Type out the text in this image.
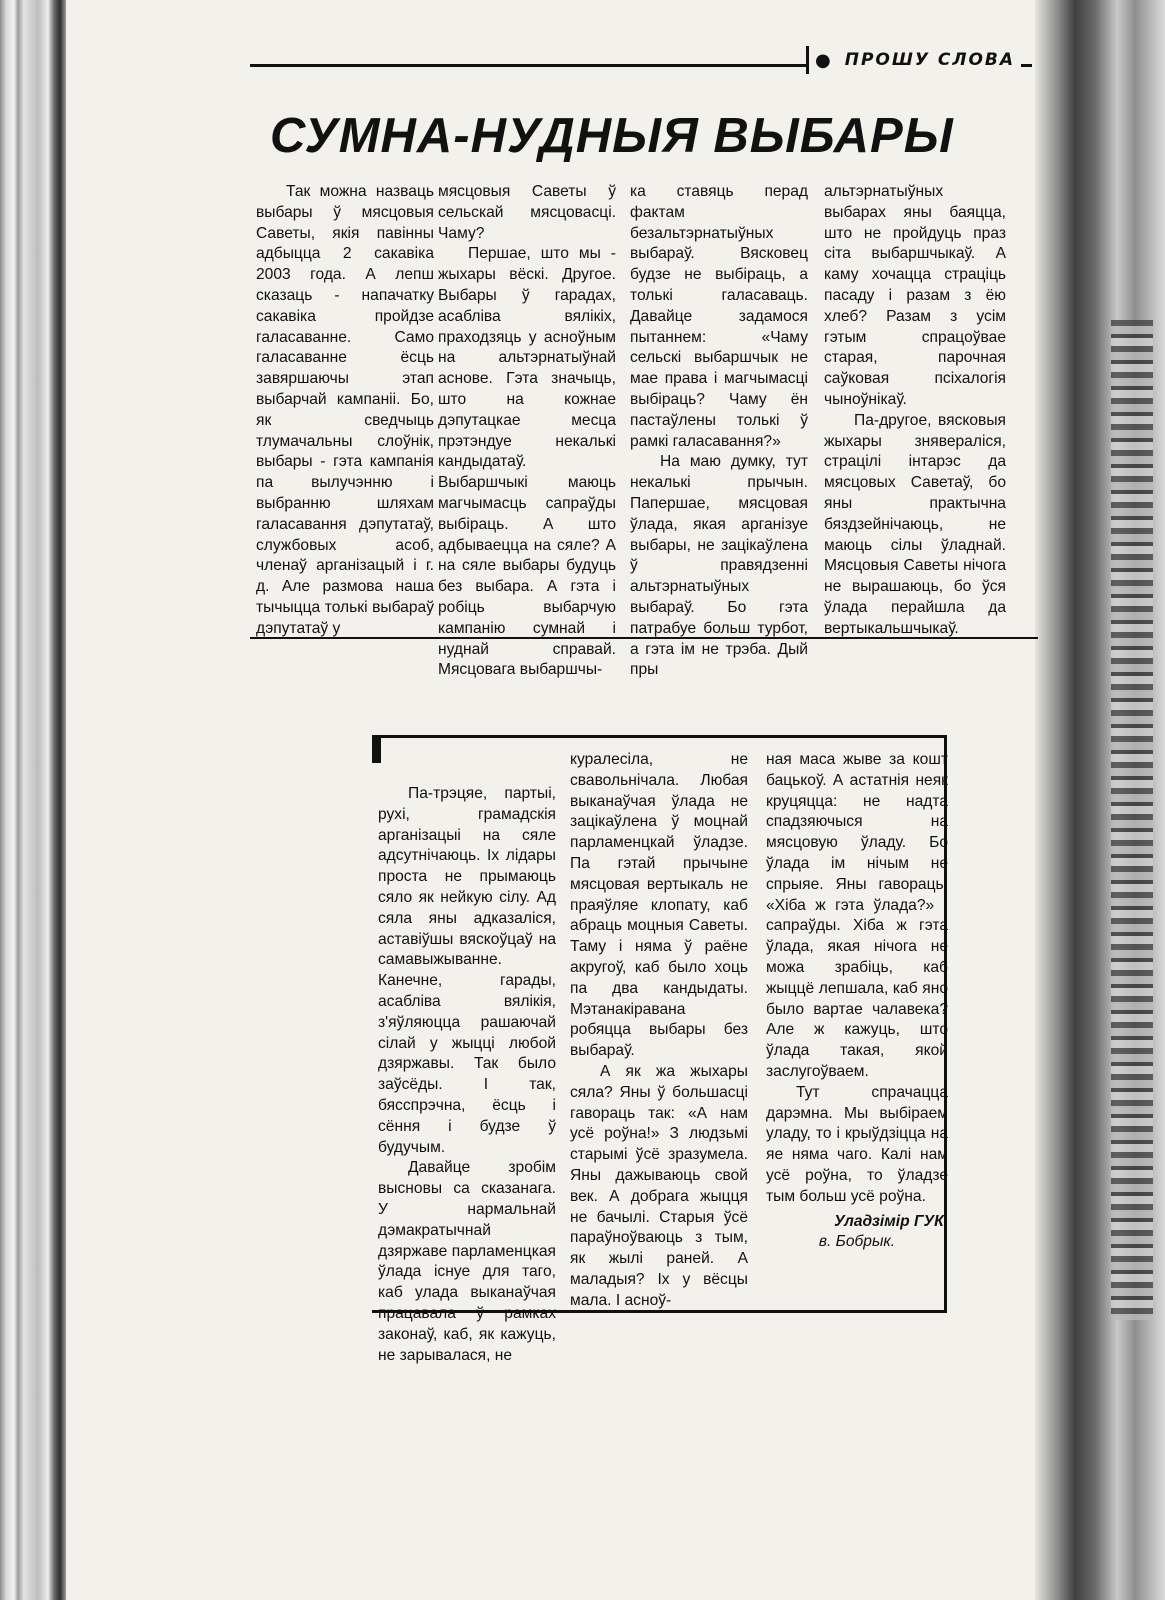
● ПРОШУ СЛОВА
СУМНА-НУДНЫЯ ВЫБАРЫ

Так можна назваць выбары ў мясцовыя Саветы, якія павінны адбыцца 2 сакавіка 2003 года. А лепш сказаць - напачатку сакавіка пройдзе галасаванне. Само галасаванне ёсць завяршаючы этап выбарчай кампаніі. Бо, як сведчыць тлумачальны слоўнік, выбары - гэта кампанія па вылучэнню і выбранню шляхам галасавання дэпутатаў, службовых асоб, членаў арганізацый і г. д. Але размова наша тычыцца толькі выбараў дэпутатаў у

мясцовыя Саветы ў сельскай мясцовасці. Чаму?

Першае, што мы - жыхары вёскі. Другое. Выбары ў гарадах, асабліва вялікіх, праходзяць у асноўным на альтэрнатыўнай аснове. Гэта значыць, што на кожнае дэпутацкае месца прэтэндуе некалькі кандыдатаў. Выбаршчыкі маюць магчымасць сапраўды выбіраць. А што адбываецца на сяле? А на сяле выбары будуць без выбара. А гэта і робіць выбарчую кампанію сумнай і нуднай справай. Мясцовага выбаршчы-

ка ставяць перад фактам безальтэрнатыўных выбараў. Вясковец будзе не выбіраць, а толькі галасаваць. Давайце задамося пытаннем: «Чаму сельскі выбаршчык не мае права і магчымасці выбіраць? Чаму ён пастаўлены толькі ў рамкі галасавання?»

На маю думку, тут некалькі прычын. Папершае, мясцовая ўлада, якая арганізуе выбары, не зацікаўлена ў правядзенні альтэрнатыўных выбараў. Бо гэта патрабуе больш турбот, а гэта ім не трэба. Дый пры

альтэрнатыўных выбарах яны баяцца, што не пройдуць праз сіта выбаршчыкаў. А каму хочацца страціць пасаду і разам з ёю хлеб? Разам з усім гэтым спрацоўвае старая, парочная саўковая псіхалогія чыноўнікаў.

Па-другое, вясковыя жыхары знявераліся, страцілі інтарэс да мясцовых Саветаў, бо яны практычна бяздзейнічаюць, не маюць сілы ўладнай. Мясцовыя Саветы нічога не вырашаюць, бо ўся ўлада перайшла да вертыкальшчыкаў.

Па-трэцяе, партыі, рухі, грамадскія арганізацыі на сяле адсутнічаюць. Іх лідары проста не прымаюць сяло як нейкую сілу. Ад сяла яны адказаліся, аставіўшы вяскоўцаў на самавыжыванне. Канечне, гарады, асабліва вялікія, з'яўляюцца рашаючай сілай у жыцці любой дзяржавы. Так было заўсёды. І так, бясспрэчна, ёсць і сёння і будзе ў будучым.

Давайце зробім высновы са сказанага. У нармальнай дэмакратычнай дзяржаве парламенцкая ўлада існуе для таго, каб улада выканаўчая працавала ў рамках законаў, каб, як кажуць, не зарывалася, не

куралесіла, не свавольнічала. Любая выканаўчая ўлада не зацікаўлена ў моцнай парламенцкай ўладзе. Па гэтай прычыне мясцовая вертыкаль не праяўляе клопату, каб абраць моцныя Саветы. Таму і няма ў раёне акругоў, каб было хоць па два кандыдаты. Мэтанакіравана робяцца выбары без выбараў.

А як жа жыхары сяла? Яны ў большасці гавораць так: «А нам усё роўна!» З людзьмі старымі ўсё зразумела. Яны дажываюць свой век. А добрага жыцця не бачылі. Старыя ўсё параўноўваюць з тым, як жылі раней. А маладыя? Іх у вёсцы мала. І асноў-

ная маса жыве за кошт бацькоў. А астатнія неяк круцяцца: не надта спадзяючыся на мясцовую ўладу. Бо ўлада ім нічым не спрыяе. Яны гавораць: «Хіба ж гэта ўлада?» І сапраўды. Хіба ж гэта ўлада, якая нічога не можа зрабіць, каб жыццё лепшала, каб яно было вартае чалавека? Але ж кажуць, што ўлада такая, якой заслугоўваем.

Тут спрачацца дарэмна. Мы выбіраем уладу, то і крыўдзіцца на яе няма чаго. Калі нам усё роўна, то ўладзе тым больш усё роўна.

Уладзімір ГУК.
в. Бобрык.
